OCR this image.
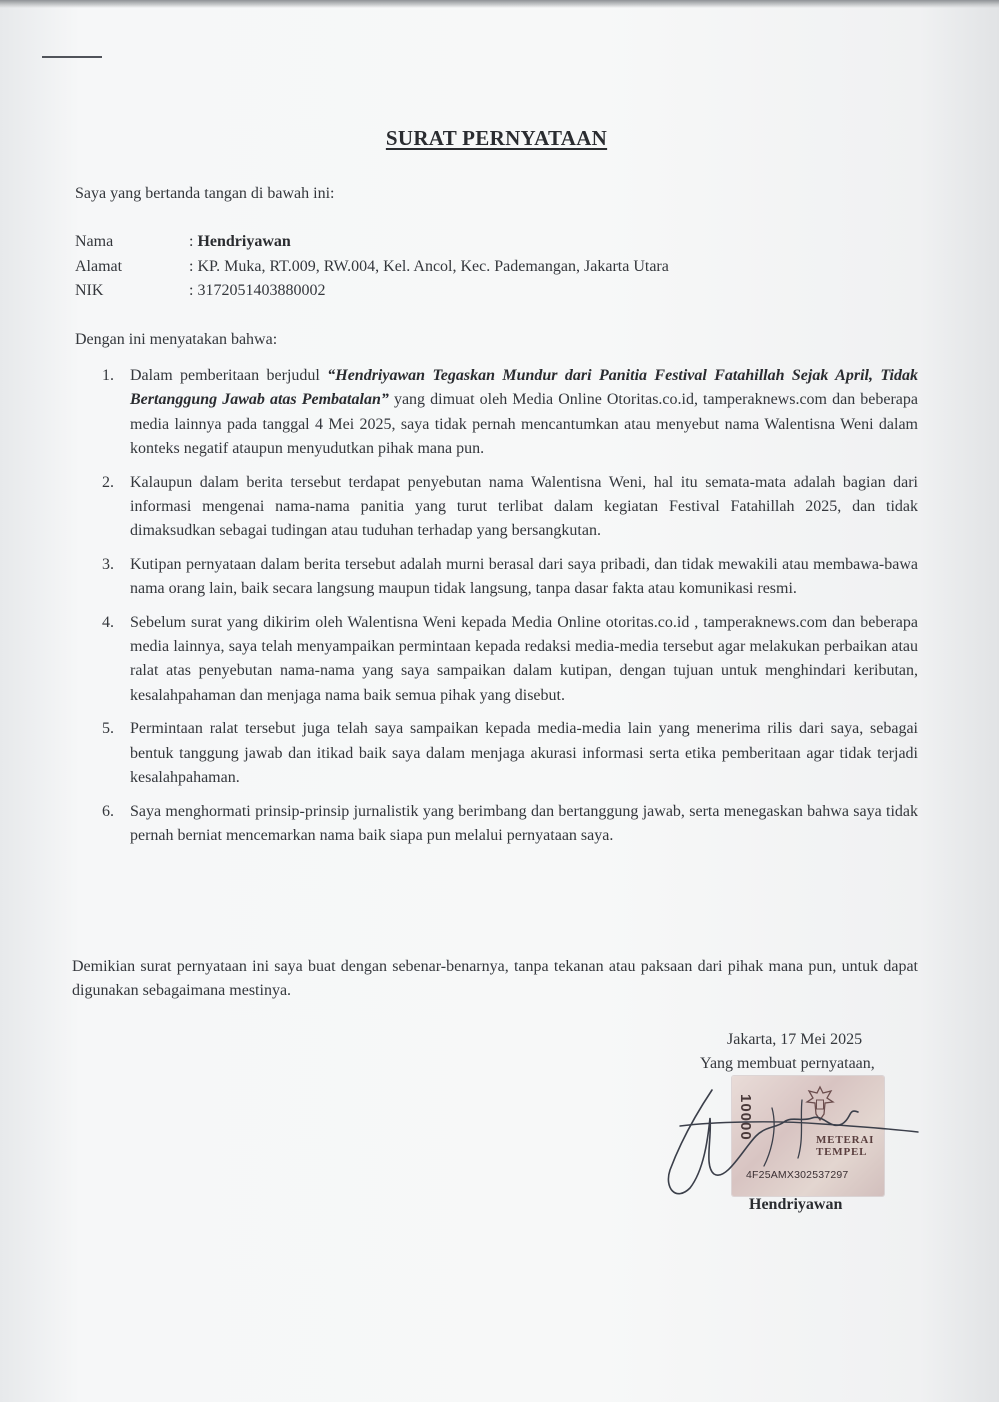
SURAT PERNYATAAN
Saya yang bertanda tangan di bawah ini:
Nama	: Hendriyawan
Alamat	: KP. Muka, RT.009, RW.004, Kel. Ancol, Kec. Pademangan, Jakarta Utara
NIK	: 3172051403880002
Dengan ini menyatakan bahwa:
1.	Dalam pemberitaan berjudul “Hendriyawan Tegaskan Mundur dari Panitia Festival Fatahillah Sejak April, Tidak Bertanggung Jawab atas Pembatalan” yang dimuat oleh Media Online Otoritas.co.id, tamperaknews.com dan beberapa media lainnya pada tanggal 4 Mei 2025, saya tidak pernah mencantumkan atau menyebut nama Walentisna Weni dalam konteks negatif ataupun menyudutkan pihak mana pun.
2.	Kalaupun dalam berita tersebut terdapat penyebutan nama Walentisna Weni, hal itu semata-mata adalah bagian dari informasi mengenai nama-nama panitia yang turut terlibat dalam kegiatan Festival Fatahillah 2025, dan tidak dimaksudkan sebagai tudingan atau tuduhan terhadap yang bersangkutan.
3.	Kutipan pernyataan dalam berita tersebut adalah murni berasal dari saya pribadi, dan tidak mewakili atau membawa-bawa nama orang lain, baik secara langsung maupun tidak langsung, tanpa dasar fakta atau komunikasi resmi.
4.	Sebelum surat yang dikirim oleh Walentisna Weni kepada Media Online otoritas.co.id , tamperaknews.com dan beberapa media lainnya, saya telah menyampaikan permintaan kepada redaksi media-media tersebut agar melakukan perbaikan atau ralat atas penyebutan nama-nama yang saya sampaikan dalam kutipan, dengan tujuan untuk menghindari keributan, kesalahpahaman dan menjaga nama baik semua pihak yang disebut.
5.	Permintaan ralat tersebut juga telah saya sampaikan kepada media-media lain yang menerima rilis dari saya, sebagai bentuk tanggung jawab dan itikad baik saya dalam menjaga akurasi informasi serta etika pemberitaan agar tidak terjadi kesalahpahaman.
6.	Saya menghormati prinsip-prinsip jurnalistik yang berimbang dan bertanggung jawab, serta menegaskan bahwa saya tidak pernah berniat mencemarkan nama baik siapa pun melalui pernyataan saya.
Demikian surat pernyataan ini saya buat dengan sebenar-benarnya, tanpa tekanan atau paksaan dari pihak mana pun, untuk dapat digunakan sebagaimana mestinya.
Jakarta, 17 Mei 2025
Yang membuat pernyataan,
10000	METERAI
TEMPEL
4F25AMX302537297
Hendriyawan
